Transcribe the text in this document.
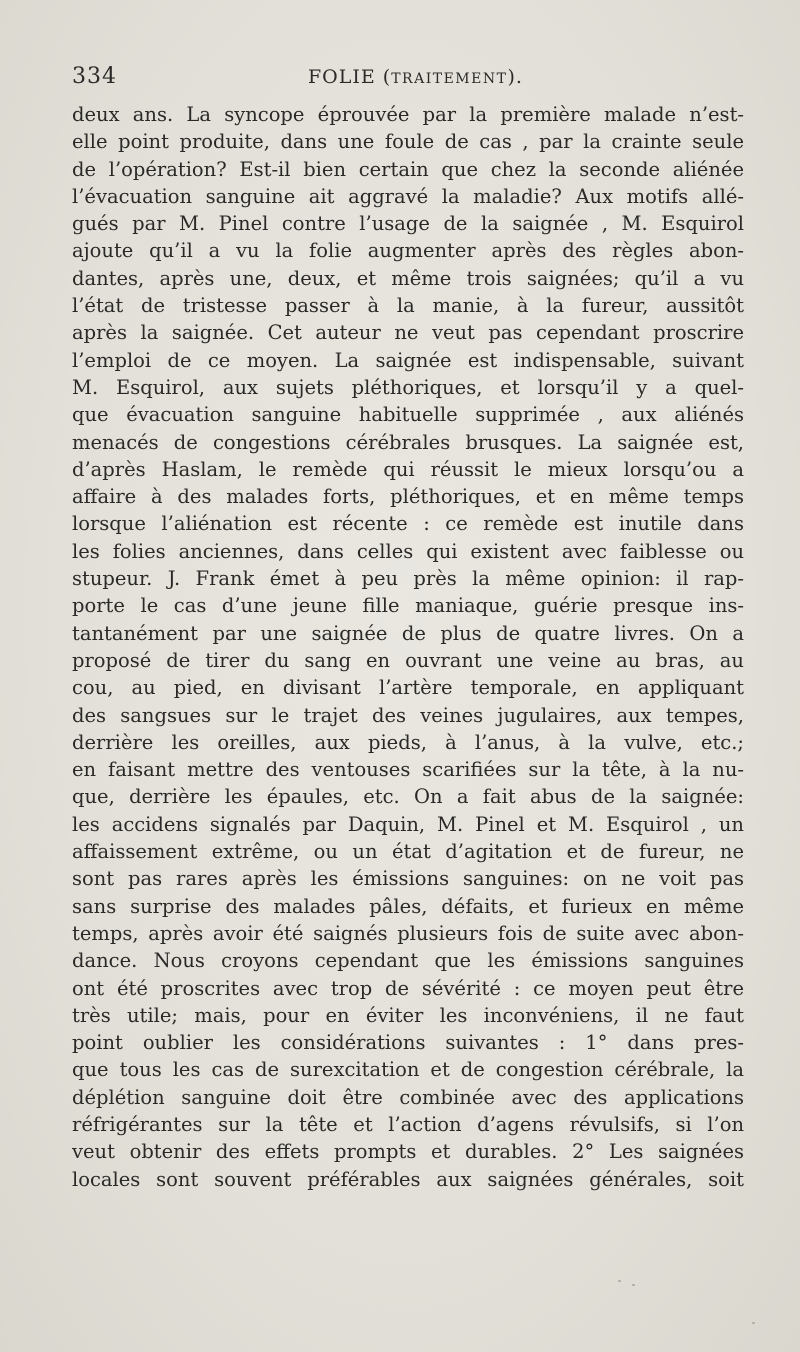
334	FOLIE (TRAITEMENT).
deux ans. La syncope éprouvée par la première malade n’est-
elle point produite, dans une foule de cas , par la crainte seule
de l’opération? Est-il bien certain que chez la seconde aliénée
l’évacuation sanguine ait aggravé la maladie? Aux motifs allé-
gués par M. Pinel contre l’usage de la saignée , M. Esquirol
ajoute qu’il a vu la folie augmenter après des règles abon-
dantes, après une, deux, et même trois saignées; qu’il a vu
l’état de tristesse passer à la manie, à la fureur, aussitôt
après la saignée. Cet auteur ne veut pas cependant proscrire
l’emploi de ce moyen. La saignée est indispensable, suivant
M. Esquirol, aux sujets pléthoriques, et lorsqu’il y a quel-
que évacuation sanguine habituelle supprimée , aux aliénés
menacés de congestions cérébrales brusques. La saignée est,
d’après Haslam, le remède qui réussit le mieux lorsqu’ou a
affaire à des malades forts, pléthoriques, et en même temps
lorsque l’aliénation est récente : ce remède est inutile dans
les folies anciennes, dans celles qui existent avec faiblesse ou
stupeur. J. Frank émet à peu près la même opinion: il rap-
porte le cas d’une jeune fille maniaque, guérie presque ins-
tantanément par une saignée de plus de quatre livres. On a
proposé de tirer du sang en ouvrant une veine au bras, au
cou, au pied, en divisant l’artère temporale, en appliquant
des sangsues sur le trajet des veines jugulaires, aux tempes,
derrière les oreilles, aux pieds, à l’anus, à la vulve, etc.;
en faisant mettre des ventouses scarifiées sur la tête, à la nu-
que, derrière les épaules, etc. On a fait abus de la saignée:
les accidens signalés par Daquin, M. Pinel et M. Esquirol , un
affaissement extrême, ou un état d’agitation et de fureur, ne
sont pas rares après les émissions sanguines: on ne voit pas
sans surprise des malades pâles, défaits, et furieux en même
temps, après avoir été saignés plusieurs fois de suite avec abon-
dance. Nous croyons cependant que les émissions sanguines
ont été proscrites avec trop de sévérité : ce moyen peut être
très utile; mais, pour en éviter les inconvéniens, il ne faut
point oublier les considérations suivantes : 1° dans pres-
que tous les cas de surexcitation et de congestion cérébrale, la
déplétion sanguine doit être combinée avec des applications
réfrigérantes sur la tête et l’action d’agens révulsifs, si l’on
veut obtenir des effets prompts et durables. 2° Les saignées
locales sont souvent préférables aux saignées générales, soit
